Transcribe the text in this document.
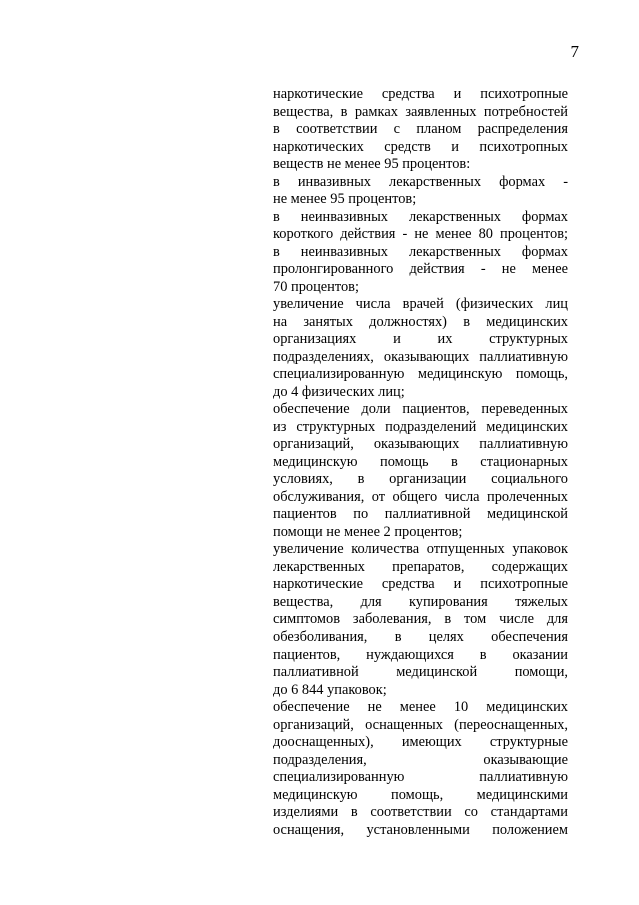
7
наркотические средства и психотропные
вещества, в рамках заявленных потребностей
в соответствии с планом распределения
наркотических средств и психотропных
веществ не менее 95 процентов:
в инвазивных лекарственных формах -
не менее 95 процентов;
в неинвазивных лекарственных формах
короткого действия - не менее 80 процентов;
в неинвазивных лекарственных формах
пролонгированного действия - не менее
70 процентов;
увеличение числа врачей (физических лиц
на занятых должностях) в медицинских
организациях и их структурных
подразделениях, оказывающих паллиативную
специализированную медицинскую помощь,
до 4 физических лиц;
обеспечение доли пациентов, переведенных
из структурных подразделений медицинских
организаций, оказывающих паллиативную
медицинскую помощь в стационарных
условиях, в организации социального
обслуживания, от общего числа пролеченных
пациентов по паллиативной медицинской
помощи не менее 2 процентов;
увеличение количества отпущенных упаковок
лекарственных препаратов, содержащих
наркотические средства и психотропные
вещества, для купирования тяжелых
симптомов заболевания, в том числе для
обезболивания, в целях обеспечения
пациентов, нуждающихся в оказании
паллиативной медицинской помощи,
до 6 844 упаковок;
обеспечение не менее 10 медицинских
организаций, оснащенных (переоснащенных,
дооснащенных), имеющих структурные
подразделения, оказывающие
специализированную паллиативную
медицинскую помощь, медицинскими
изделиями в соответствии со стандартами
оснащения, установленными положением
